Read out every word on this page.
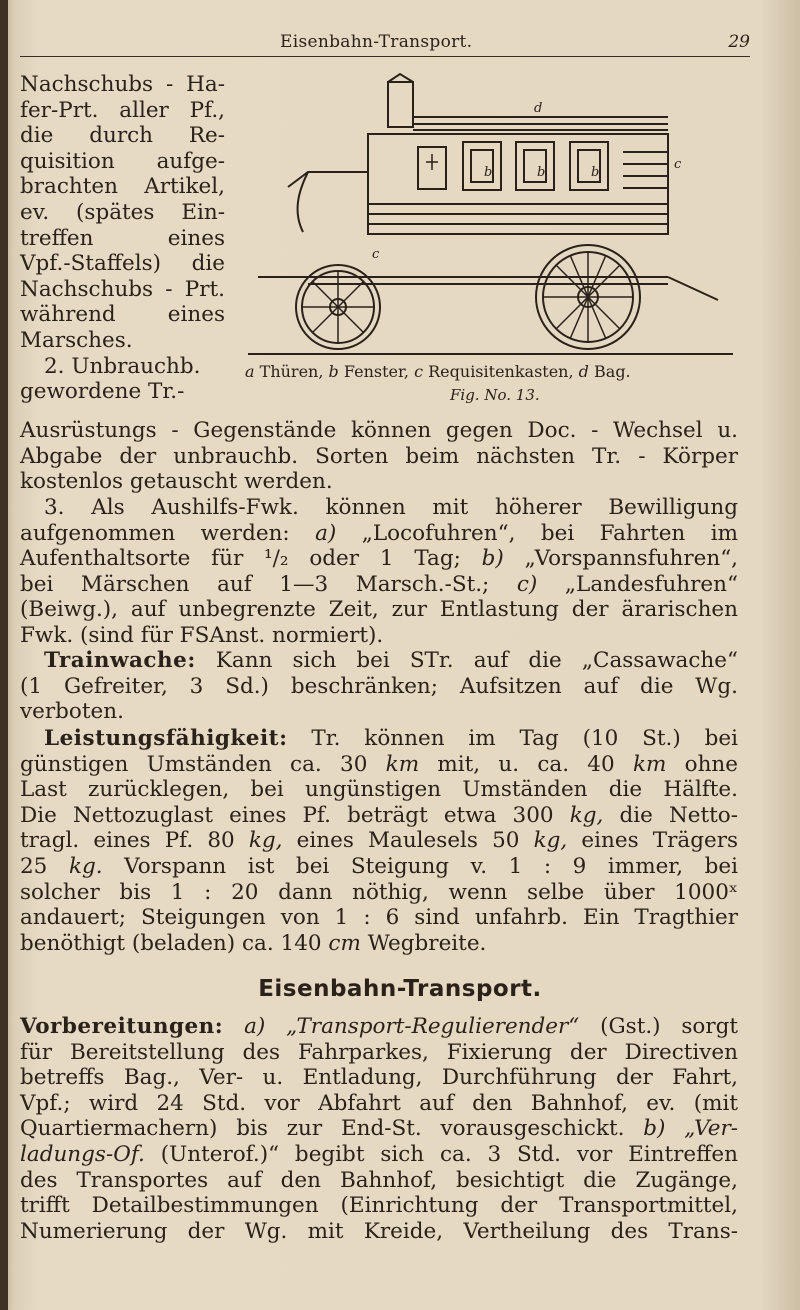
Eisenbahn-Transport.	29
Nachschubs - Ha-
fer-Prt. aller Pf.,
die durch Re-
quisition aufge-
brachten Artikel,
ev. (spätes Ein-
treffen eines
Vpf.-Staffels) die
Nachschubs - Prt.
während eines
Marsches.
2. Unbrauchb.
gewordene Tr.-
d
b	b	b
c
c
a Thüren, b Fenster, c Requisitenkasten, d Bag.
Fig. No. 13.
Ausrüstungs - Gegenstände können gegen Doc. - Wechsel u.
Abgabe der unbrauchb. Sorten beim nächsten Tr. - Körper
kostenlos getauscht werden.
3. Als Aushilfs-Fwk. können mit höherer Bewilligung
aufgenommen werden: a) „Locofuhren“, bei Fahrten im
Aufenthaltsorte für ¹/₂ oder 1 Tag; b) „Vorspannsfuhren“,
bei Märschen auf 1—3 Marsch.-St.; c) „Landesfuhren“
(Beiwg.), auf unbegrenzte Zeit, zur Entlastung der ärarischen
Fwk. (sind für FSAnst. normiert).
Trainwache: Kann sich bei STr. auf die „Cassawache“
(1 Gefreiter, 3 Sd.) beschränken; Aufsitzen auf die Wg.
verboten.
Leistungsfähigkeit: Tr. können im Tag (10 St.) bei
günstigen Umständen ca. 30 km mit, u. ca. 40 km ohne
Last zurücklegen, bei ungünstigen Umständen die Hälfte.
Die Nettozuglast eines Pf. beträgt etwa 300 kg, die Netto-
tragl. eines Pf. 80 kg, eines Maulesels 50 kg, eines Trägers
25 kg. Vorspann ist bei Steigung v. 1 : 9 immer, bei
solcher bis 1 : 20 dann nöthig, wenn selbe über 1000ˣ
andauert; Steigungen von 1 : 6 sind unfahrb. Ein Tragthier
benöthigt (beladen) ca. 140 cm Wegbreite.
Eisenbahn-Transport.
Vorbereitungen: a) „Transport-Regulierender“ (Gst.) sorgt
für Bereitstellung des Fahrparkes, Fixierung der Directiven
betreffs Bag., Ver- u. Entladung, Durchführung der Fahrt,
Vpf.; wird 24 Std. vor Abfahrt auf den Bahnhof, ev. (mit
Quartiermachern) bis zur End-St. vorausgeschickt. b) „Ver-
ladungs-Of. (Unterof.)“ begibt sich ca. 3 Std. vor Eintreffen
des Transportes auf den Bahnhof, besichtigt die Zugänge,
trifft Detailbestimmungen (Einrichtung der Transportmittel,
Numerierung der Wg. mit Kreide, Vertheilung des Trans-
